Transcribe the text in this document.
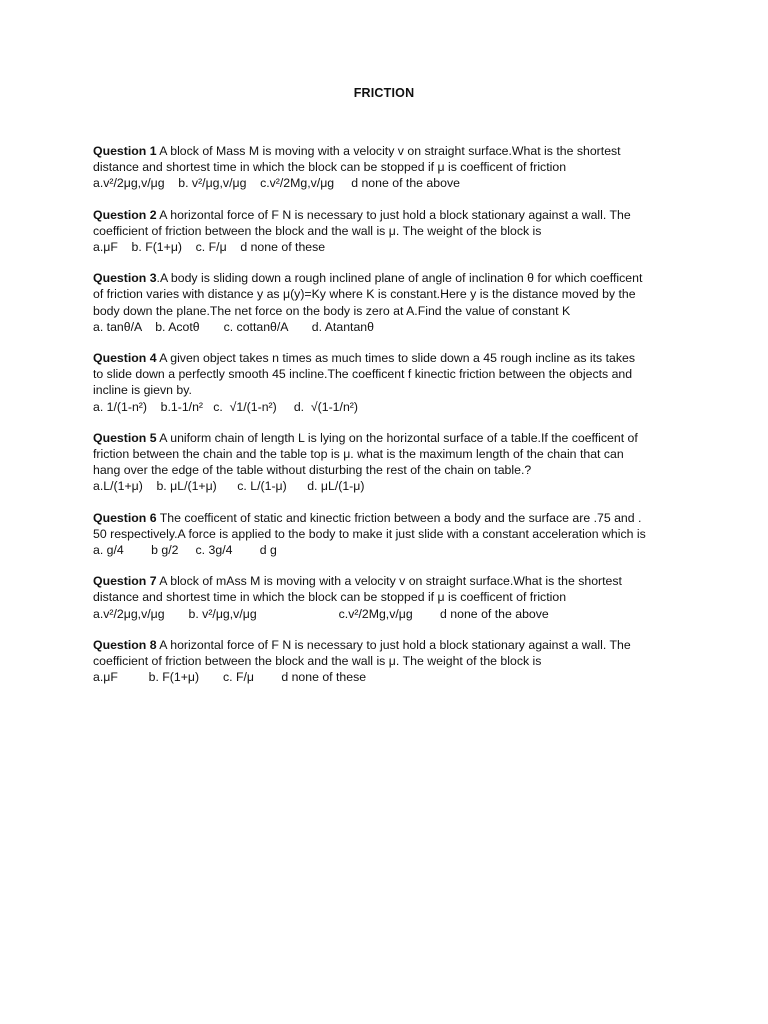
FRICTION
Question 1 A block of Mass M is moving with a velocity v on straight surface.What is the shortest
distance and shortest time in which the block can be stopped if μ is coefficent of friction
a.v²/2μg,v/μg    b. v²/μg,v/μg    c.v²/2Mg,v/μg     d none of the above
Question 2 A horizontal force of F N is necessary to just hold a block stationary against a wall. The
coefficient of friction between the block and the wall is μ. The weight of the block is
a.μF    b. F(1+μ)    c. F/μ    d none of these
Question 3.A body is sliding down a rough inclined plane of angle of inclination θ for which coefficent
of friction varies with distance y as μ(y)=Ky where K is constant.Here y is the distance moved by the
body down the plane.The net force on the body is zero at A.Find the value of constant K
a. tanθ/A    b. Acotθ       c. cottanθ/A       d. Atantanθ
Question 4 A given object takes n times as much times to slide down a 45 rough incline as its takes
to slide down a perfectly smooth 45 incline.The coefficent f kinectic friction between the objects and
incline is gievn by.
a. 1/(1-n²)    b.1-1/n²   c.  √1/(1-n²)     d.  √(1-1/n²)
Question 5 A uniform chain of length L is lying on the horizontal surface of a table.If the coefficent of
friction between the chain and the table top is μ. what is the maximum length of the chain that can
hang over the edge of the table without disturbing the rest of the chain on table.?
a.L/(1+μ)    b. μL/(1+μ)      c. L/(1-μ)      d. μL/(1-μ)
Question 6 The coefficent of static and kinectic friction between a body and the surface are .75 and .
50 respectively.A force is applied to the body to make it just slide with a constant acceleration which is
a. g/4        b g/2     c. 3g/4        d g
Question 7 A block of mAss M is moving with a velocity v on straight surface.What is the shortest
distance and shortest time in which the block can be stopped if μ is coefficent of friction
a.v²/2μg,v/μg       b. v²/μg,v/μg                        c.v²/2Mg,v/μg        d none of the above
Question 8 A horizontal force of F N is necessary to just hold a block stationary against a wall. The
coefficient of friction between the block and the wall is μ. The weight of the block is
a.μF         b. F(1+μ)       c. F/μ        d none of these
